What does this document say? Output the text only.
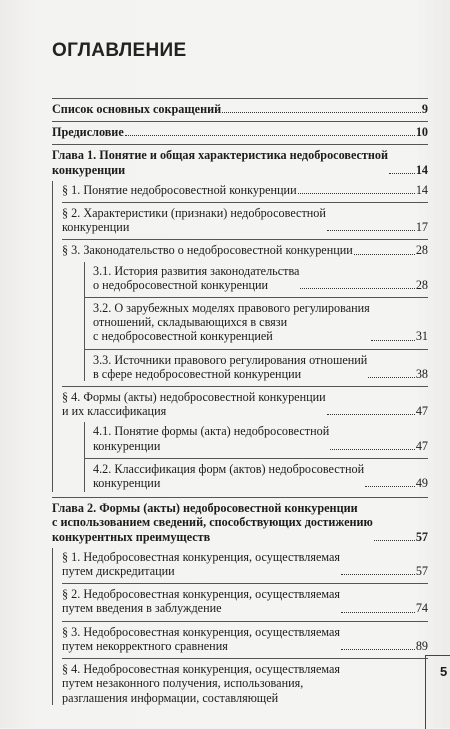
ОГЛАВЛЕНИЕ
Список основных сокращений	9
Предисловие	10
Глава 1. Понятие и общая характеристика недобросовестной
конкуренции	14
§ 1. Понятие недобросовестной конкуренции	14
§ 2. Характеристики (признаки) недобросовестной
конкуренции	17
§ 3. Законодательство о недобросовестной конкуренции	28
3.1. История развития законодательства
о недобросовестной конкуренции	28
3.2. О зарубежных моделях правового регулирования
отношений, складывающихся в связи
с недобросовестной конкуренцией	31
3.3. Источники правового регулирования отношений
в сфере недобросовестной конкуренции	38
§ 4. Формы (акты) недобросовестной конкуренции
и их классификация	47
4.1. Понятие формы (акта) недобросовестной
конкуренции	47
4.2. Классификация форм (актов) недобросовестной
конкуренции	49
Глава 2. Формы (акты) недобросовестной конкуренции
с использованием сведений, способствующих достижению
конкурентных преимуществ	57
§ 1. Недобросовестная конкуренция, осуществляемая
путем дискредитации	57
§ 2. Недобросовестная конкуренция, осуществляемая
путем введения в заблуждение	74
§ 3. Недобросовестная конкуренция, осуществляемая
путем некорректного сравнения	89
§ 4. Недобросовестная конкуренция, осуществляемая
путем незаконного получения, использования,
разглашения информации, составляющей
5
